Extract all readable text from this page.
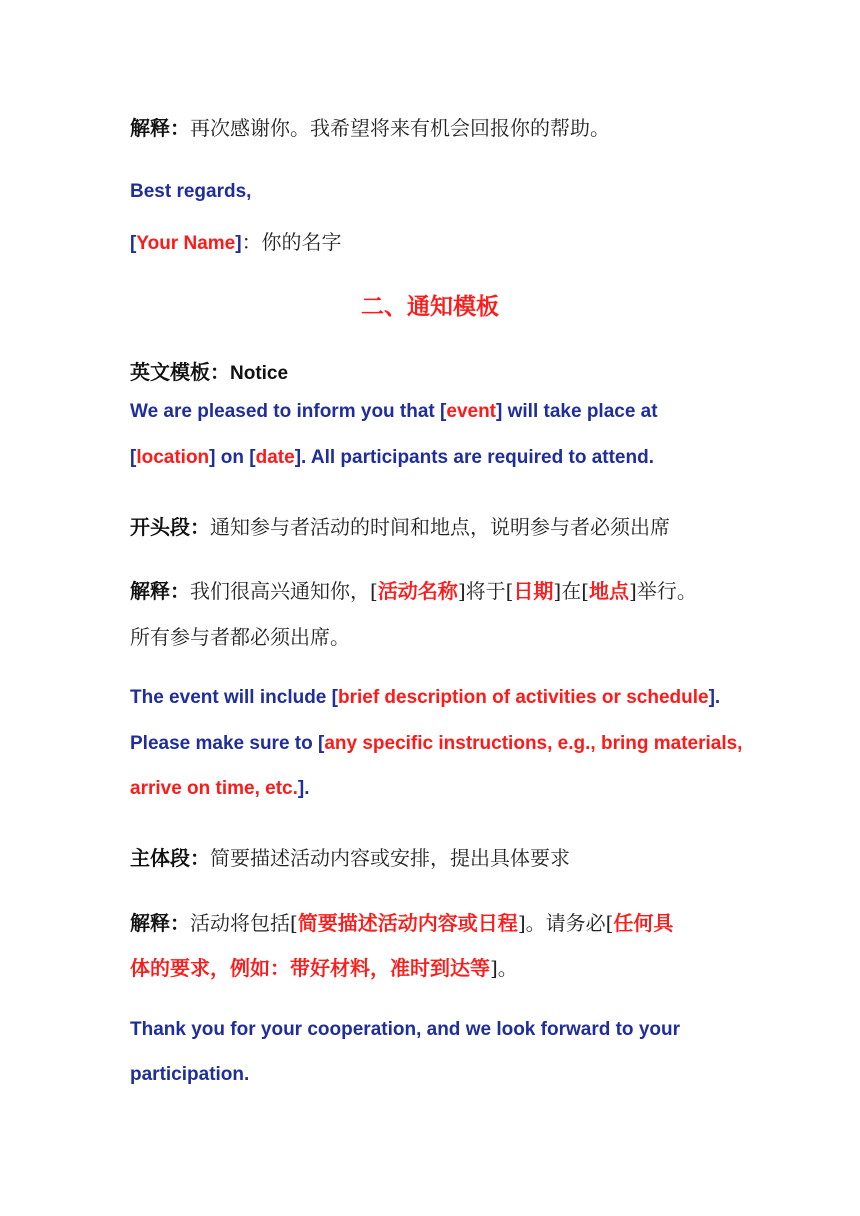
解释：再次感谢你。我希望将来有机会回报你的帮助。
Best regards,
[Your Name]：你的名字
二、通知模板
英文模板：Notice
We are pleased to inform you that [event] will take place at
[location] on [date]. All participants are required to attend.
开头段：通知参与者活动的时间和地点，说明参与者必须出席
解释：我们很高兴通知你，[活动名称]将于[日期]在[地点]举行。
所有参与者都必须出席。
The event will include [brief description of activities or schedule].
Please make sure to [any specific instructions, e.g., bring materials,
arrive on time, etc.].
主体段：简要描述活动内容或安排，提出具体要求
解释：活动将包括[简要描述活动内容或日程]。请务必[任何具
体的要求，例如：带好材料，准时到达等]。
Thank you for your cooperation, and we look forward to your
participation.
